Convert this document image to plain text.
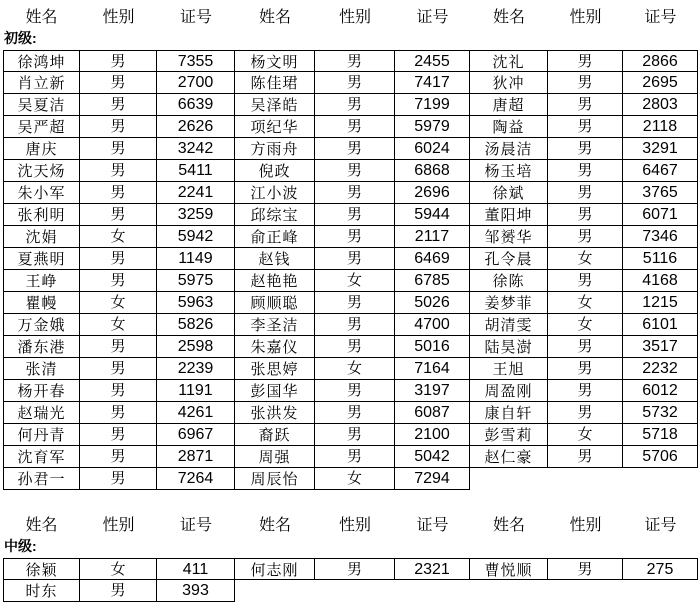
姓名	性别	证号	姓名	性别	证号	姓名	性别	证号
初级:
徐鸿坤	男	7355	杨文明	男	2455	沈礼	男	2866
肖立新	男	2700	陈佳珺	男	7417	狄冲	男	2695
吴夏洁	男	6639	吴泽皓	男	7199	唐超	男	2803
吴严超	男	2626	项纪华	男	5979	陶益	男	2118
唐庆	男	3242	方雨舟	男	6024	汤晨洁	男	3291
沈天炀	男	5411	倪政	男	6868	杨玉培	男	6467
朱小军	男	2241	江小波	男	2696	徐斌	男	3765
张利明	男	3259	邱综宝	男	5944	董阳坤	男	6071
沈娟	女	5942	俞正峰	男	2117	邹赟华	男	7346
夏燕明	男	1149	赵钱	男	6469	孔令晨	女	5116
王峥	男	5975	赵艳艳	女	6785	徐陈	男	4168
瞿幔	女	5963	顾顺聪	男	5026	姜梦菲	女	1215
万金娥	女	5826	李圣洁	男	4700	胡清雯	女	6101
潘东港	男	2598	朱嘉仪	男	5016	陆昊澍	男	3517
张清	男	2239	张思婷	女	7164	王旭	男	2232
杨开春	男	1191	彭国华	男	3197	周盈刚	男	6012
赵瑞光	男	4261	张洪发	男	6087	康自轩	男	5732
何丹青	男	6967	裔跃	男	2100	彭雪莉	女	5718
沈育军	男	2871	周强	男	5042	赵仁豪	男	5706
孙君一	男	7264	周辰怡	女	7294
姓名	性别	证号	姓名	性别	证号	姓名	性别	证号
中级:
徐颖	女	411	何志刚	男	2321	曹悦顺	男	275
时东	男	393
